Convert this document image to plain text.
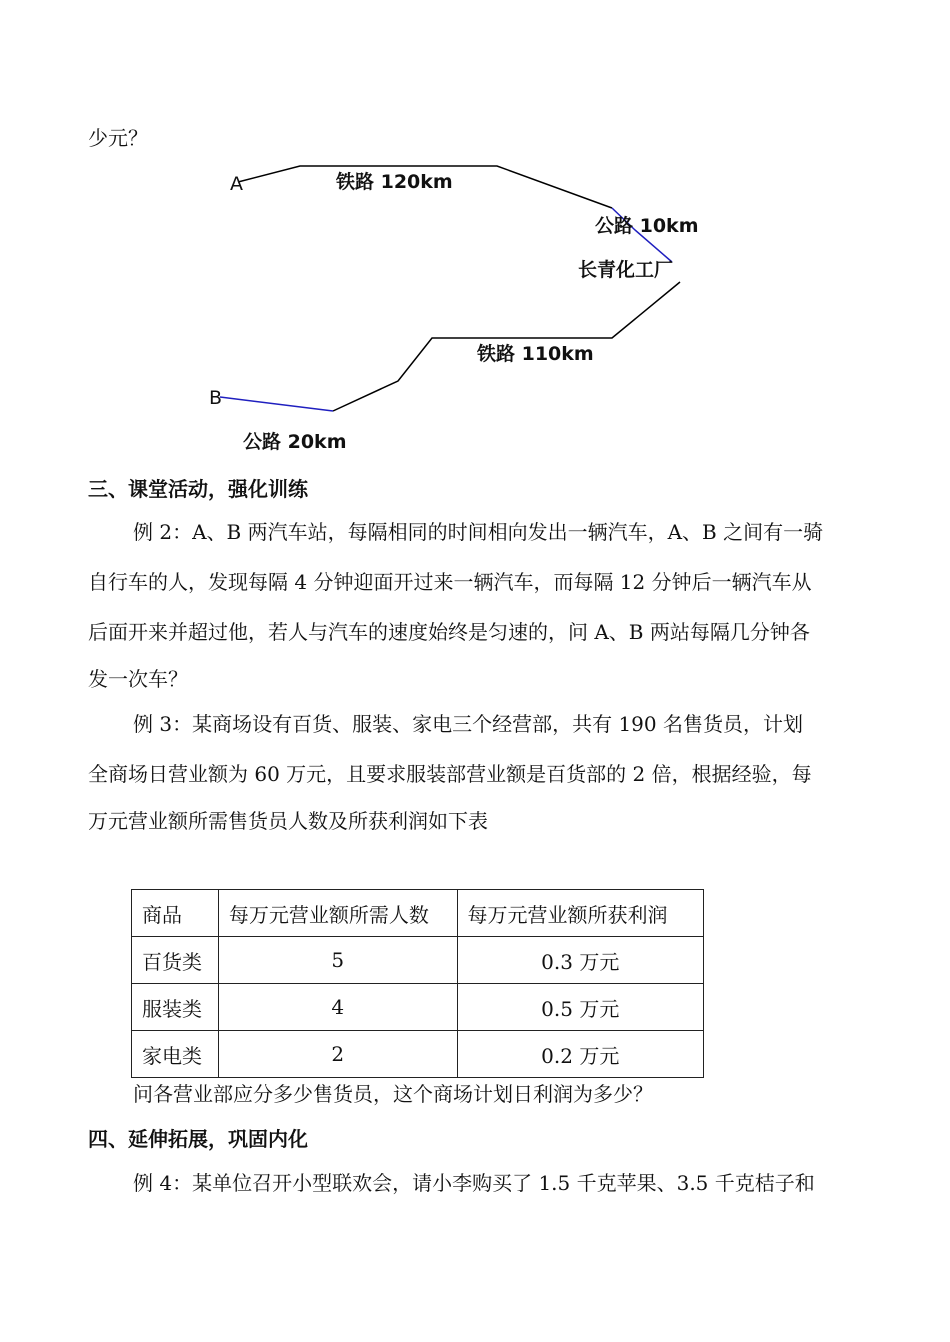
少元？
A	铁路 120km
公路 10km
长青化工厂
铁路 110km
B
公路 20km
三、课堂活动，强化训练
例 2：A、B 两汽车站，每隔相同的时间相向发出一辆汽车，A、B 之间有一骑
自行车的人，发现每隔 4 分钟迎面开过来一辆汽车，而每隔 12 分钟后一辆汽车从
后面开来并超过他，若人与汽车的速度始终是匀速的，问 A、B 两站每隔几分钟各
发一次车？
例 3：某商场设有百货、服装、家电三个经营部，共有 190 名售货员，计划
全商场日营业额为 60 万元，且要求服装部营业额是百货部的 2 倍，根据经验，每
万元营业额所需售货员人数及所获利润如下表
商品	每万元营业额所需人数	每万元营业额所获利润
百货类	5	0.3 万元
服装类	4	0.5 万元
家电类	2	0.2 万元
问各营业部应分多少售货员，这个商场计划日利润为多少？
四、延伸拓展，巩固内化
例 4：某单位召开小型联欢会，请小李购买了 1.5 千克苹果、3.5 千克桔子和
